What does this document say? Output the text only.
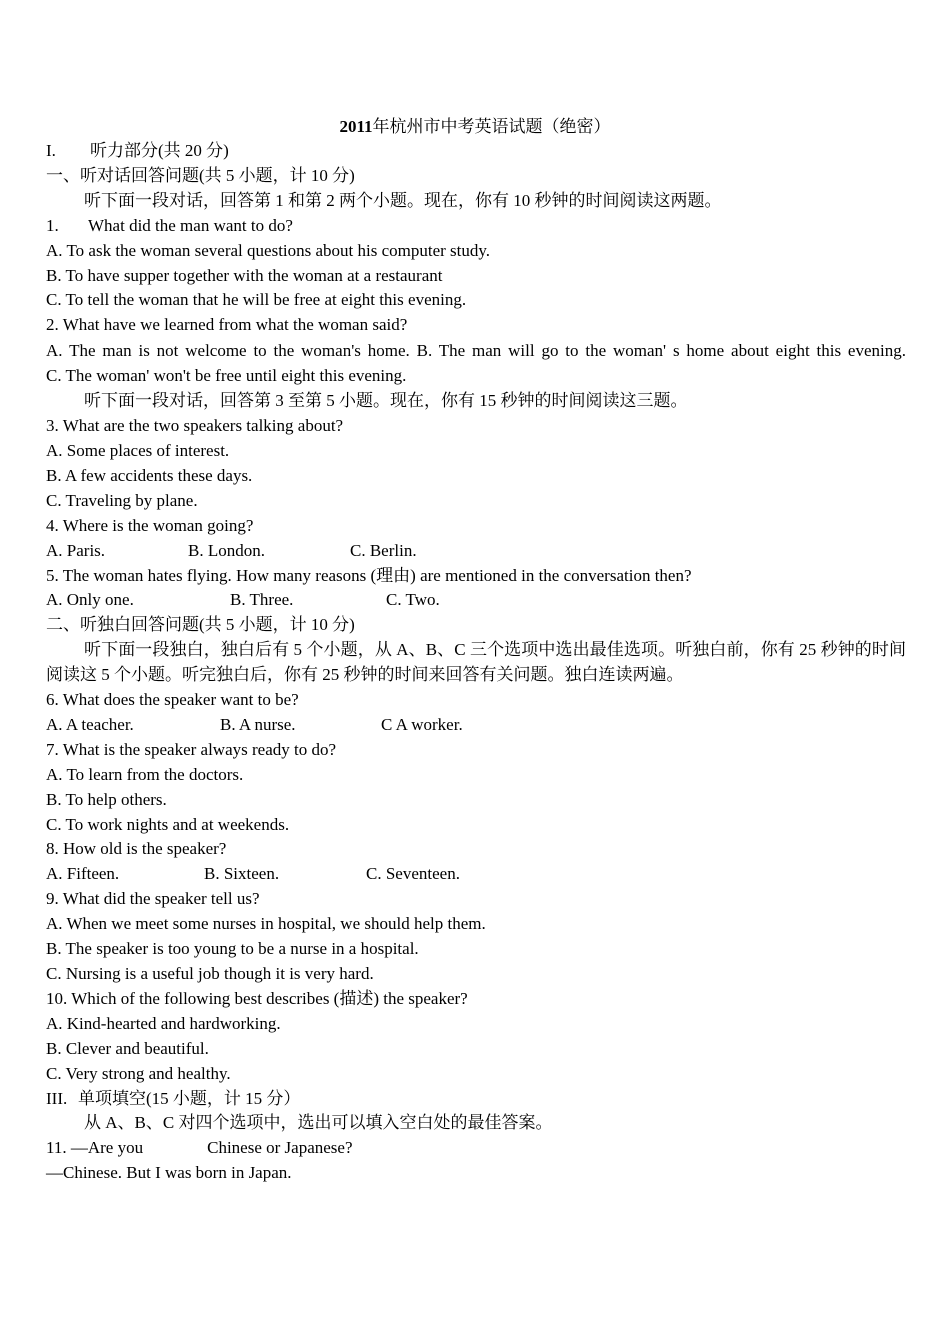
2011年杭州市中考英语试题（绝密）
I. 听力部分(共 20 分)
一、听对话回答问题(共 5 小题，计 10 分)
听下面一段对话，回答第 1 和第 2 两个小题。现在，你有 10 秒钟的时间阅读这两题。
1. What did the man want to do?
A. To ask the woman several questions about his computer study.
B. To have supper together with the woman at a restaurant
C. To tell the woman that he will be free at eight this evening.
2. What have we learned from what the woman said?
A. The man is not welcome to the woman's home. B. The man will go to the woman' s home about eight this evening.
C. The woman' won't be free until eight this evening.
听下面一段对话，回答第 3 至第 5 小题。现在，你有 15 秒钟的时间阅读这三题。
3. What are the two speakers talking about?
A. Some places of interest.
B. A few accidents these days.
C. Traveling by plane.
4. Where is the woman going?
A. Paris.	B. London.	C. Berlin.
5. The woman hates flying. How many reasons (理由) are mentioned in the conversation then?
A. Only one.	B. Three.	C. Two.
二、听独白回答问题(共 5 小题，计 10 分)
听下面一段独白，独白后有 5 个小题，从 A、B、C 三个选项中选出最佳选项。听独白前，你有 25 秒钟的时间阅读这 5 个小题。听完独白后，你有 25 秒钟的时间来回答有关问题。独白连读两遍。
6. What does the speaker want to be?
A. A teacher.	B. A nurse.	C A worker.
7. What is the speaker always ready to do?
A. To learn from the doctors.
B. To help others.
C. To work nights and at weekends.
8. How old is the speaker?
A. Fifteen.	B. Sixteen.	C. Seventeen.
9. What did the speaker tell us?
A. When we meet some nurses in hospital, we should help them.
B. The speaker is too young to be a nurse in a hospital.
C. Nursing is a useful job though it is very hard.
10. Which of the following best describes (描述) the speaker?
A. Kind-hearted and hardworking.
B. Clever and beautiful.
C. Very strong and healthy.
III. 单项填空(15 小题，计 15 分）
从 A、B、C 对四个选项中，选出可以填入空白处的最佳答案。
11. —Are you	Chinese or Japanese?
—Chinese. But I was born in Japan.
